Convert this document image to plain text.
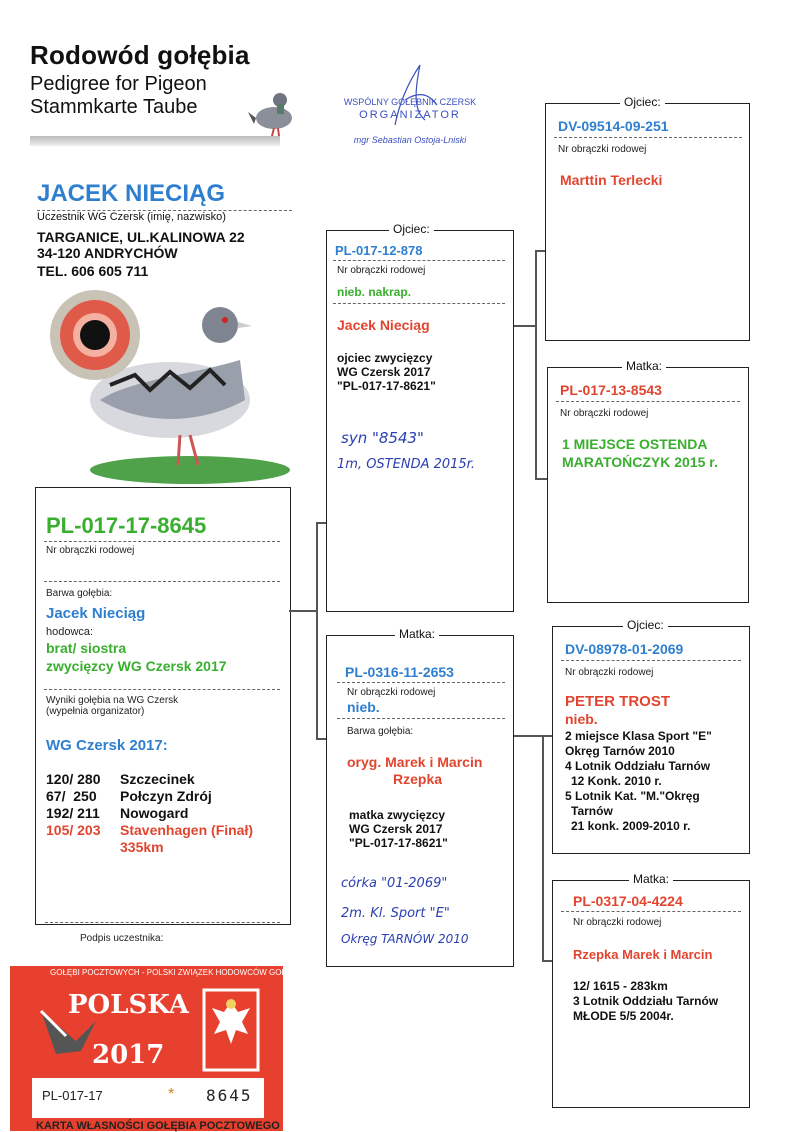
Rodowód gołębia
Pedigree for Pigeon
Stammkarte Taube	WSPÓLNY GOŁĘBNIK CZERSK
ORGANIZATOR
mgr Sebastian Ostoja-Lniski
JACEK NIECIĄG
Uczestnik WG Czersk (imię, nazwisko)
TARGANICE, UL.KALINOWA 22
34-120 ANDRYCHÓW
TEL. 606 605 711
PL-017-17-8645
Nr obrączki rodowej
Barwa gołębia:
Jacek Nieciąg
hodowca:
brat/ siostra
zwycięzcy WG Czersk 2017
Wyniki gołębia na WG Czersk
(wypełnia organizator)
WG Czersk 2017:
120/ 280 Szczecinek
67/  250 Połczyn Zdrój
192/ 211 Nowogard
105/ 203 Stavenhagen (Finał)
335km
Podpis uczestnika:
Ojciec:
PL-017-12-878
Nr obrączki rodowej
nieb. nakrap.
Jacek Nieciąg
ojciec zwycięzcy
WG Czersk 2017
"PL-017-17-8621"
syn "8543"
1m, OSTENDA 2015r.
Matka:
PL-0316-11-2653
Nr obrączki rodowej
nieb.
Barwa gołębia:
oryg. Marek i Marcin
Rzepka
matka zwycięzcy
WG Czersk 2017
"PL-017-17-8621"
córka "01-2069"
2m. Kl. Sport "E"
Okręg TARNÓW 2010
Ojciec:
DV-09514-09-251
Nr obrączki rodowej
Marttin Terlecki
Matka:
PL-017-13-8543
Nr obrączki rodowej
1 MIEJSCE OSTENDA
MARATOŃCZYK 2015 r.
Ojciec:
DV-08978-01-2069
Nr obrączki rodowej
PETER TROST
nieb.
2 miejsce Klasa Sport "E"
Okręg Tarnów 2010
4 Lotnik Oddziału Tarnów
12 Konk. 2010 r.
5 Lotnik Kat. "M."Okręg
Tarnów
21 konk. 2009-2010 r.
Matka:
PL-0317-04-4224
Nr obrączki rodowej
Rzepka Marek i Marcin
12/ 1615 - 283km
3 Lotnik Oddziału Tarnów
MŁODE 5/5 2004r.
GOŁĘBI POCZTOWYCH - POLSKI ZWIĄZEK HODOWCÓW GOŁĘBI POCZTOWYCH
POLSKA
2017
PL-017-17	* 8645
KARTA WŁASNOŚCI GOŁĘBIA POCZTOWEGO
